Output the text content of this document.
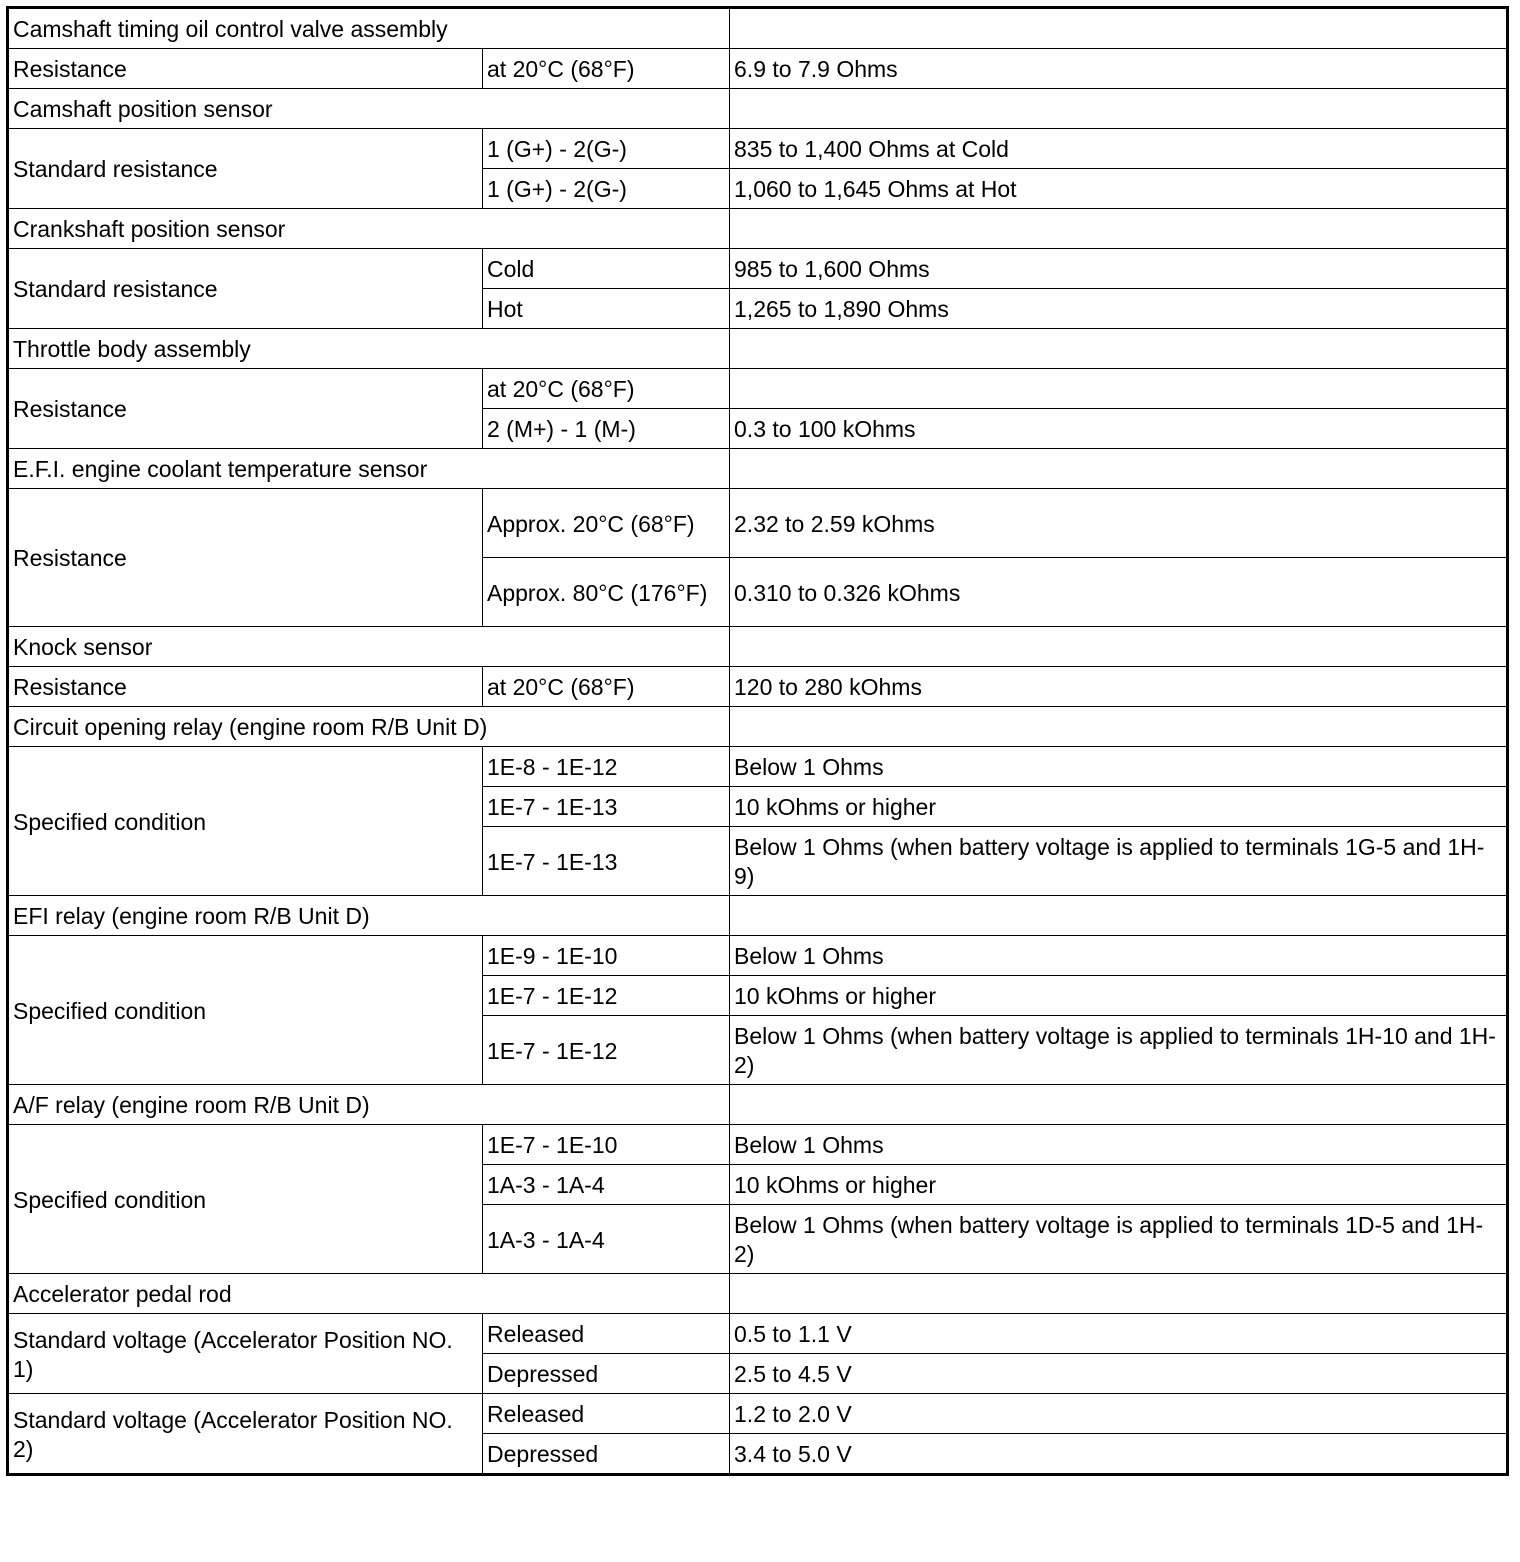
Camshaft timing oil control valve assembly		
Resistance	at 20°C (68°F)	6.9 to 7.9 Ohms
Camshaft position sensor		
Standard resistance	1 (G+) - 2(G-)	835 to 1,400 Ohms at Cold
	1 (G+) - 2(G-)	1,060 to 1,645 Ohms at Hot
Crankshaft position sensor		
Standard resistance	Cold	985 to 1,600 Ohms
	Hot	1,265 to 1,890 Ohms
Throttle body assembly		
Resistance	at 20°C (68°F)	
	2 (M+) - 1 (M-)	0.3 to 100 kOhms
E.F.I. engine coolant temperature sensor		
Resistance	Approx. 20°C (68°F)	2.32 to 2.59 kOhms
	Approx. 80°C (176°F)	0.310 to 0.326 kOhms
Knock sensor		
Resistance	at 20°C (68°F)	120 to 280 kOhms
Circuit opening relay (engine room R/B Unit D)		
Specified condition	1E-8 - 1E-12	Below 1 Ohms
	1E-7 - 1E-13	10 kOhms or higher
	1E-7 - 1E-13	Below 1 Ohms (when battery voltage is applied to terminals 1G-5 and 1H-9)
EFI relay (engine room R/B Unit D)		
Specified condition	1E-9 - 1E-10	Below 1 Ohms
	1E-7 - 1E-12	10 kOhms or higher
	1E-7 - 1E-12	Below 1 Ohms (when battery voltage is applied to terminals 1H-10 and 1H-2)
A/F relay (engine room R/B Unit D)		
Specified condition	1E-7 - 1E-10	Below 1 Ohms
	1A-3 - 1A-4	10 kOhms or higher
	1A-3 - 1A-4	Below 1 Ohms (when battery voltage is applied to terminals 1D-5 and 1H-2)
Accelerator pedal rod		
Standard voltage (Accelerator Position NO. 1)	Released	0.5 to 1.1 V
	Depressed	2.5 to 4.5 V
Standard voltage (Accelerator Position NO. 2)	Released	1.2 to 2.0 V
	Depressed	3.4 to 5.0 V
